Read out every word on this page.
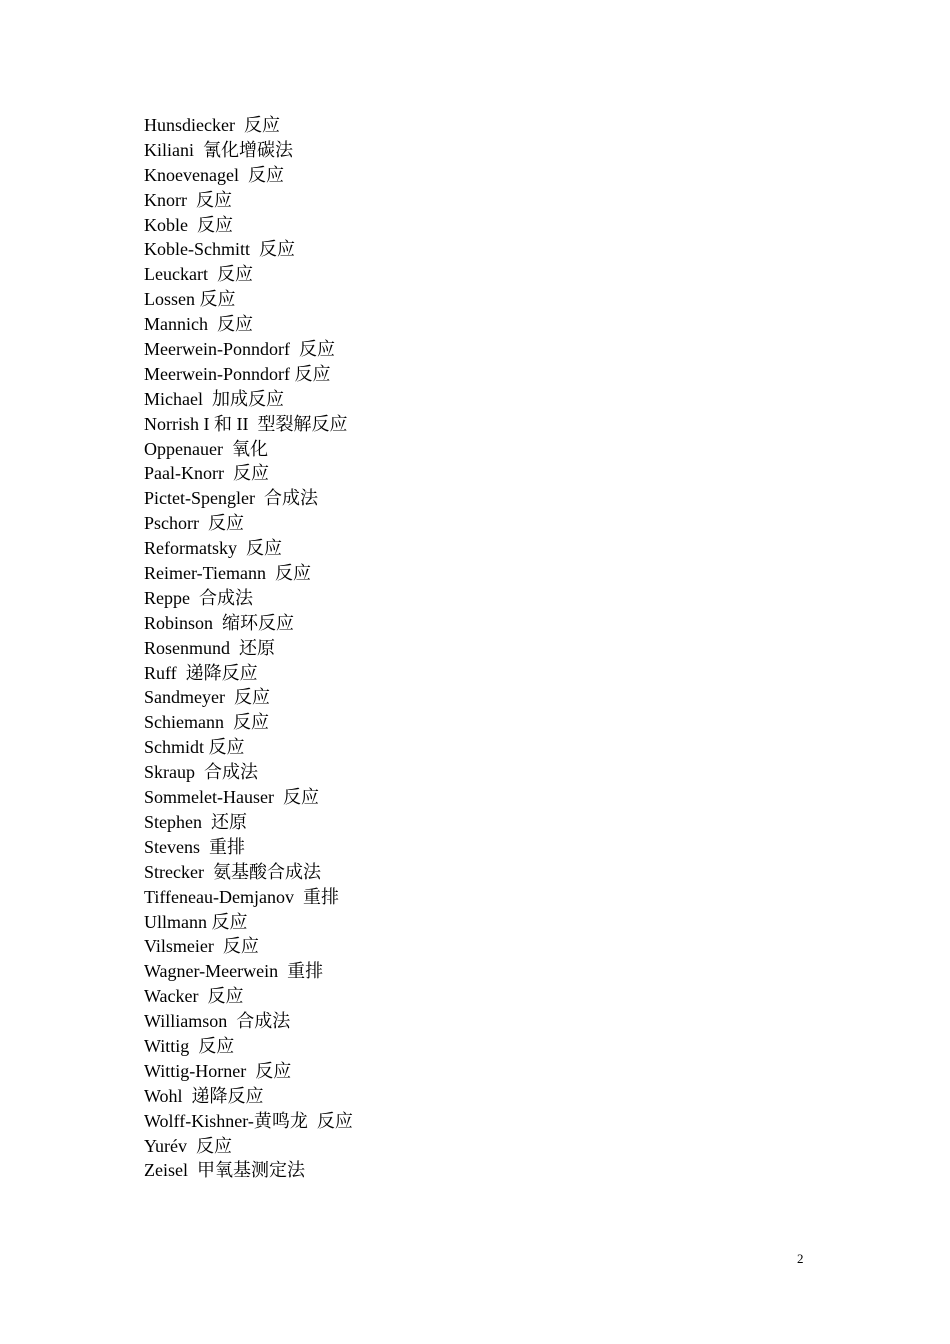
Hunsdiecker  反应
Kiliani  氰化增碳法
Knoevenagel  反应
Knorr  反应
Koble  反应
Koble-Schmitt  反应
Leuckart  反应
Lossen 反应
Mannich  反应
Meerwein-Ponndorf  反应
Meerwein-Ponndorf 反应
Michael  加成反应
Norrish I 和 II  型裂解反应
Oppenauer  氧化
Paal-Knorr  反应
Pictet-Spengler  合成法
Pschorr  反应
Reformatsky  反应
Reimer-Tiemann  反应
Reppe  合成法
Robinson  缩环反应
Rosenmund  还原
Ruff  递降反应
Sandmeyer  反应
Schiemann  反应
Schmidt 反应
Skraup  合成法
Sommelet-Hauser  反应
Stephen  还原
Stevens  重排
Strecker  氨基酸合成法
Tiffeneau-Demjanov  重排
Ullmann 反应
Vilsmeier  反应
Wagner-Meerwein  重排
Wacker  反应
Williamson  合成法
Wittig  反应
Wittig-Horner  反应
Wohl  递降反应
Wolff-Kishner-黄鸣龙  反应
Yurév  反应
Zeisel  甲氧基测定法
2
